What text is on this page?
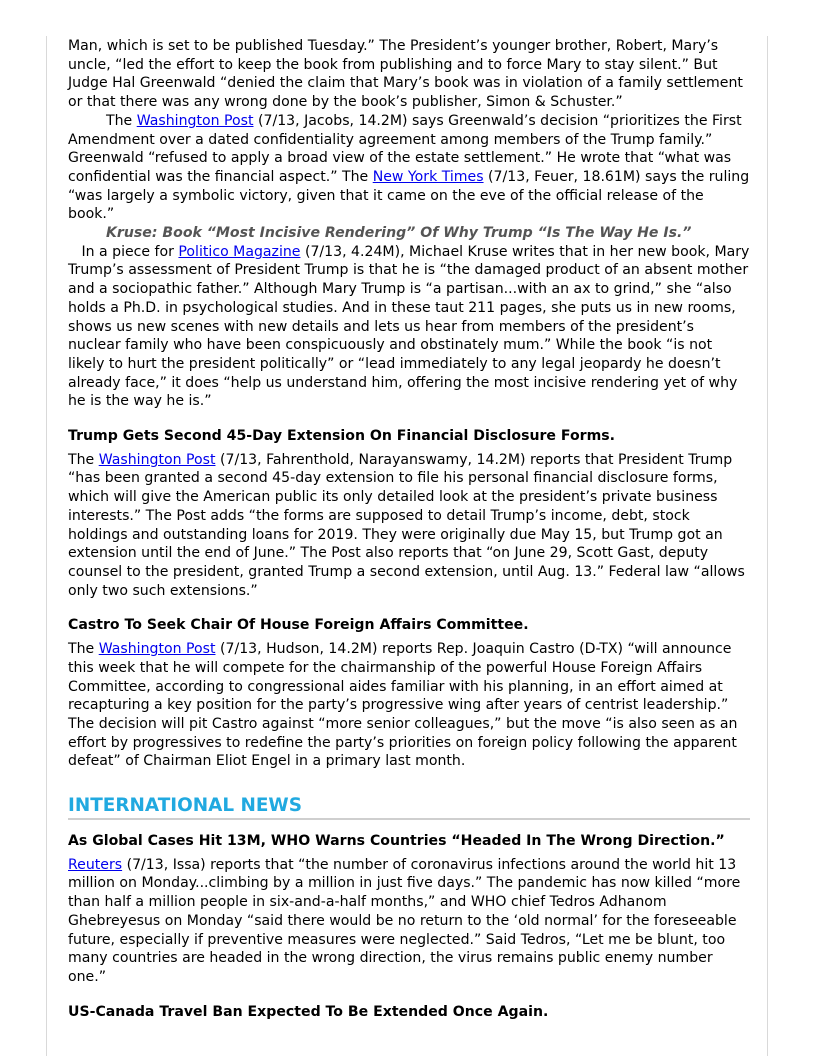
Man, which is set to be published Tuesday.” The President’s younger brother, Robert, Mary’s uncle, “led the effort to keep the book from publishing and to force Mary to stay silent.” But Judge Hal Greenwald “denied the claim that Mary’s book was in violation of a family settlement or that there was any wrong done by the book’s publisher, Simon & Schuster.”

The Washington Post (7/13, Jacobs, 14.2M) says Greenwald’s decision “prioritizes the First Amendment over a dated confidentiality agreement among members of the Trump family.” Greenwald “refused to apply a broad view of the estate settlement.” He wrote that “what was confidential was the financial aspect.” The New York Times (7/13, Feuer, 18.61M) says the ruling “was largely a symbolic victory, given that it came on the eve of the official release of the book.”

Kruse: Book “Most Incisive Rendering” Of Why Trump “Is The Way He Is.”   In a piece for Politico Magazine (7/13, 4.24M), Michael Kruse writes that in her new book, Mary Trump’s assessment of President Trump is that he is “the damaged product of an absent mother and a sociopathic father.” Although Mary Trump is “a partisan...with an ax to grind,” she “also holds a Ph.D. in psychological studies. And in these taut 211 pages, she puts us in new rooms, shows us new scenes with new details and lets us hear from members of the president’s nuclear family who have been conspicuously and obstinately mum.” While the book “is not likely to hurt the president politically” or “lead immediately to any legal jeopardy he doesn’t already face,” it does “help us understand him, offering the most incisive rendering yet of why he is the way he is.”

Trump Gets Second 45-Day Extension On Financial Disclosure Forms.

The Washington Post (7/13, Fahrenthold, Narayanswamy, 14.2M) reports that President Trump “has been granted a second 45-day extension to file his personal financial disclosure forms, which will give the American public its only detailed look at the president’s private business interests.” The Post adds “the forms are supposed to detail Trump’s income, debt, stock holdings and outstanding loans for 2019. They were originally due May 15, but Trump got an extension until the end of June.” The Post also reports that “on June 29, Scott Gast, deputy counsel to the president, granted Trump a second extension, until Aug. 13.” Federal law “allows only two such extensions.”

Castro To Seek Chair Of House Foreign Affairs Committee.

The Washington Post (7/13, Hudson, 14.2M) reports Rep. Joaquin Castro (D-TX) “will announce this week that he will compete for the chairmanship of the powerful House Foreign Affairs Committee, according to congressional aides familiar with his planning, in an effort aimed at recapturing a key position for the party’s progressive wing after years of centrist leadership.” The decision will pit Castro against “more senior colleagues,” but the move “is also seen as an effort by progressives to redefine the party’s priorities on foreign policy following the apparent defeat” of Chairman Eliot Engel in a primary last month.

INTERNATIONAL NEWS

As Global Cases Hit 13M, WHO Warns Countries “Headed In The Wrong Direction.”

Reuters (7/13, Issa) reports that “the number of coronavirus infections around the world hit 13 million on Monday...climbing by a million in just five days.” The pandemic has now killed “more than half a million people in six-and-a-half months,” and WHO chief Tedros Adhanom Ghebreyesus on Monday “said there would be no return to the ‘old normal’ for the foreseeable future, especially if preventive measures were neglected.” Said Tedros, “Let me be blunt, too many countries are headed in the wrong direction, the virus remains public enemy number one.”

US-Canada Travel Ban Expected To Be Extended Once Again.
